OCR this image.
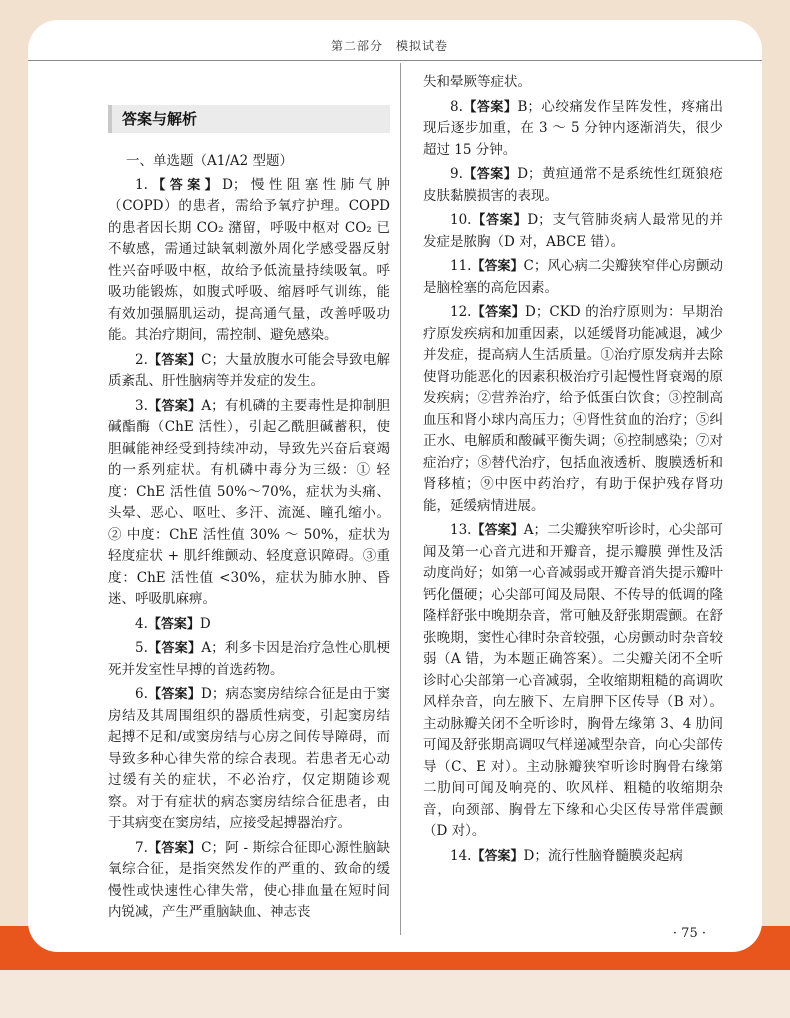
第二部分　模拟试卷
答案与解析
一、单选题（A1/A2 型题）

1.【答案】D；慢性阻塞性肺气肿（COPD）的患者，需给予氧疗护理。COPD的患者因长期 CO₂ 潴留，呼吸中枢对 CO₂ 已不敏感，需通过缺氧刺激外周化学感受器反射性兴奋呼吸中枢，故给予低流量持续吸氧。呼吸功能锻炼，如腹式呼吸、缩唇呼气训练，能有效加强膈肌运动，提高通气量，改善呼吸功能。其治疗期间，需控制、避免感染。

2.【答案】C；大量放腹水可能会导致电解质紊乱、肝性脑病等并发症的发生。

3.【答案】A；有机磷的主要毒性是抑制胆碱酯酶（ChE 活性），引起乙酰胆碱蓄积，使胆碱能神经受到持续冲动，导致先兴奋后衰竭的一系列症状。有机磷中毒分为三级：① 轻度：ChE 活性值 50%～70%，症状为头痛、头晕、恶心、呕吐、多汗、流涎、瞳孔缩小。② 中度：ChE 活性值 30% ～ 50%，症状为轻度症状 + 肌纤维颤动、轻度意识障碍。③重度：ChE 活性值 <30%，症状为肺水肿、昏迷、呼吸肌麻痹。

4.【答案】D

5.【答案】A；利多卡因是治疗急性心肌梗死并发室性早搏的首选药物。

6.【答案】D；病态窦房结综合征是由于窦房结及其周围组织的器质性病变，引起窦房结起搏不足和/或窦房结与心房之间传导障碍，而导致多种心律失常的综合表现。若患者无心动过缓有关的症状，不必治疗，仅定期随诊观察。对于有症状的病态窦房结综合征患者，由于其病变在窦房结，应接受起搏器治疗。

7.【答案】C；阿 - 斯综合征即心源性脑缺氧综合征，是指突然发作的严重的、致命的缓慢性或快速性心律失常，使心排血量在短时间内锐减，产生严重脑缺血、神志丧

失和晕厥等症状。

8.【答案】B；心绞痛发作呈阵发性，疼痛出现后逐步加重，在 3 ～ 5 分钟内逐渐消失，很少超过 15 分钟。

9.【答案】D；黄疸通常不是系统性红斑狼疮皮肤黏膜损害的表现。

10.【答案】D；支气管肺炎病人最常见的并发症是脓胸（D 对，ABCE 错）。

11.【答案】C；风心病二尖瓣狭窄伴心房颤动是脑栓塞的高危因素。

12.【答案】D；CKD 的治疗原则为：早期治疗原发疾病和加重因素，以延缓肾功能减退，减少并发症，提高病人生活质量。①治疗原发病并去除使肾功能恶化的因素积极治疗引起慢性肾衰竭的原发疾病；②营养治疗，给予低蛋白饮食；③控制高血压和肾小球内高压力；④肾性贫血的治疗；⑤纠正水、电解质和酸碱平衡失调；⑥控制感染；⑦对症治疗；⑧替代治疗，包括血液透析、腹膜透析和肾移植；⑨中医中药治疗，有助于保护残存肾功能，延缓病情进展。

13.【答案】A；二尖瓣狭窄听诊时，心尖部可闻及第一心音亢进和开瓣音，提示瓣膜 弹性及活动度尚好；如第一心音减弱或开瓣音消失提示瓣叶钙化僵硬；心尖部可闻及局限、不传导的低调的隆隆样舒张中晚期杂音，常可触及舒张期震颤。在舒张晚期，窦性心律时杂音较强，心房颤动时杂音较弱（A 错，为本题正确答案）。二尖瓣关闭不全听诊时心尖部第一心音减弱，全收缩期粗糙的高调吹风样杂音，向左腋下、左肩胛下区传导（B 对）。主动脉瓣关闭不全听诊时，胸骨左缘第 3、4 肋间可闻及舒张期高调叹气样递减型杂音，向心尖部传导（C、E 对）。主动脉瓣狭窄听诊时胸骨右缘第二肋间可闻及响亮的、吹风样、粗糙的收缩期杂音，向颈部、胸骨左下缘和心尖区传导常伴震颤（D 对）。

14.【答案】D；流行性脑脊髓膜炎起病

· 75 ·
